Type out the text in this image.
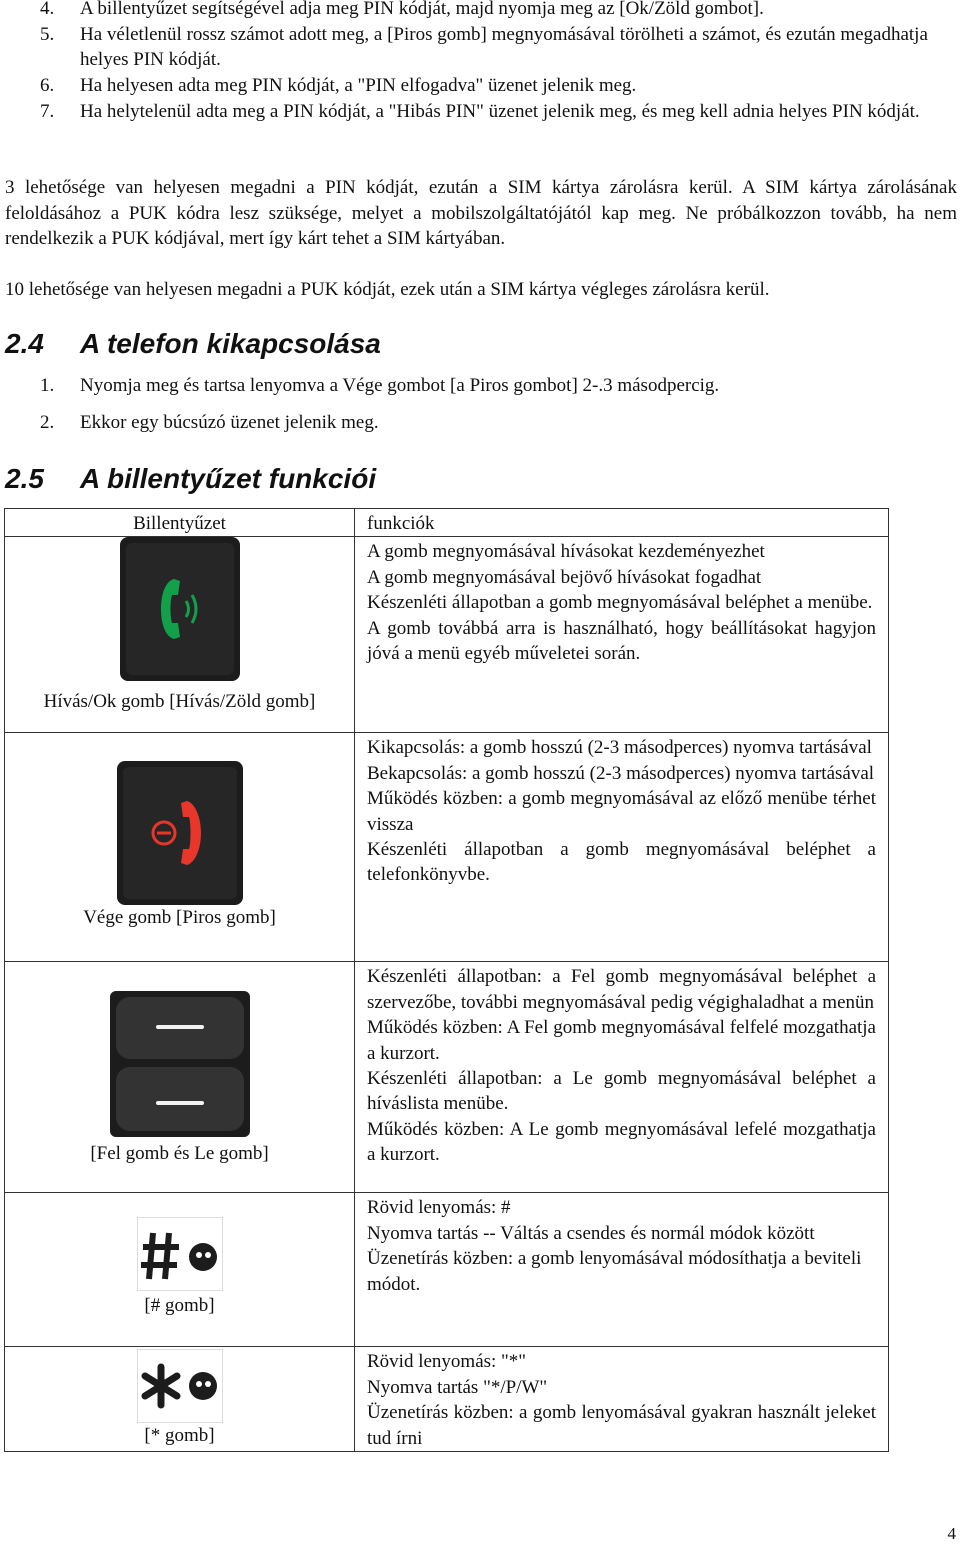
4. A billentyűzet segítségével adja meg PIN kódját, majd nyomja meg az [Ok/Zöld gombot].
5. Ha véletlenül rossz számot adott meg, a [Piros gomb] megnyomásával törölheti a számot, és ezután megadhatja helyes PIN kódját.
6. Ha helyesen adta meg PIN kódját, a "PIN elfogadva" üzenet jelenik meg.
7. Ha helytelenül adta meg a PIN kódját, a "Hibás PIN" üzenet jelenik meg, és meg kell adnia helyes PIN kódját.

3 lehetősége van helyesen megadni a PIN kódját, ezután a SIM kártya zárolásra kerül. A SIM kártya zárolásának feloldásához a PUK kódra lesz szüksége, melyet a mobilszolgáltatójától kap meg. Ne próbálkozzon tovább, ha nem rendelkezik a PUK kódjával, mert így kárt tehet a SIM kártyában.

10 lehetősége van helyesen megadni a PUK kódját, ezek után a SIM kártya végleges zárolásra kerül.

2.4 A telefon kikapcsolása
1. Nyomja meg és tartsa lenyomva a Vége gombot [a Piros gombot] 2-.3 másodpercig.
2. Ekkor egy búcsúzó üzenet jelenik meg.
2.5 A billentyűzet funkciói
Billentyűzet	funkciók

Hívás/Ok gomb [Hívás/Zöld gomb]	A gomb megnyomásával hívásokat kezdeményezhet
A gomb megnyomásával bejövő hívásokat fogadhat
Készenléti állapotban a gomb megnyomásával beléphet a menübe.
A gomb továbbá arra is használható, hogy beállításokat hagyjon jóvá a menü egyéb műveletei során.

Vége gomb [Piros gomb]	Kikapcsolás: a gomb hosszú (2-3 másodperces) nyomva tartásával
Bekapcsolás: a gomb hosszú (2-3 másodperces) nyomva tartásával
Működés közben: a gomb megnyomásával az előző menübe térhet vissza
Készenléti állapotban a gomb megnyomásával beléphet a telefonkönyvbe.

[Fel gomb és Le gomb]	Készenléti állapotban: a Fel gomb megnyomásával beléphet a szervezőbe, további megnyomásával pedig végighaladhat a menün
Működés közben: A Fel gomb megnyomásával felfelé mozgathatja a kurzort.
Készenléti állapotban: a Le gomb megnyomásával beléphet a híváslista menübe.
Működés közben: A Le gomb megnyomásával lefelé mozgathatja a kurzort.

[# gomb]	Rövid lenyomás: #
Nyomva tartás -- Váltás a csendes és normál módok között
Üzenetírás közben: a gomb lenyomásával módosíthatja a beviteli
módot.

[* gomb]	Rövid lenyomás: "*"
Nyomva tartás "*/P/W"
Üzenetírás közben: a gomb lenyomásával gyakran használt jeleket tud írni
4
